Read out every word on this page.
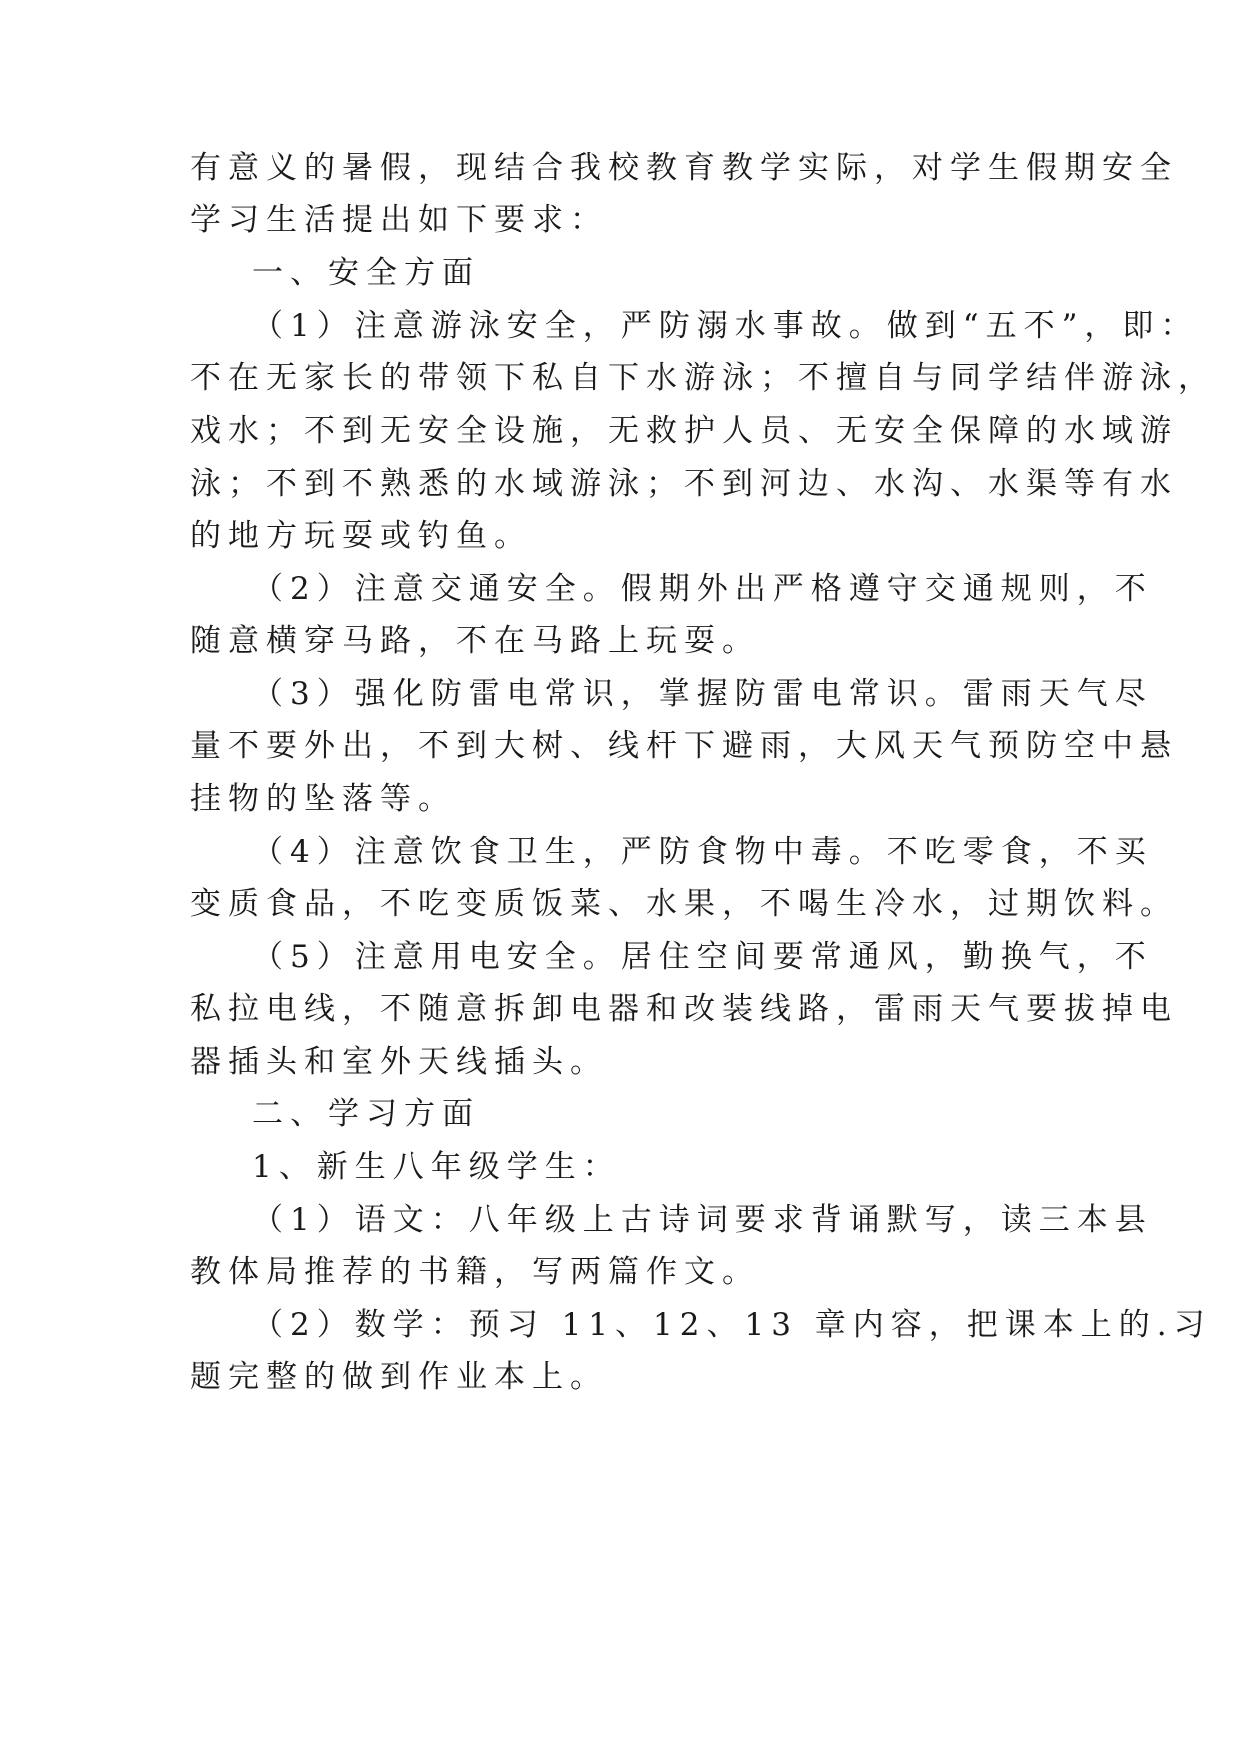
有意义的暑假，现结合我校教育教学实际，对学生假期安全
学习生活提出如下要求：
一、安全方面
（1）注意游泳安全，严防溺水事故。做到“五不”，即：
不在无家长的带领下私自下水游泳；不擅自与同学结伴游泳，
戏水；不到无安全设施，无救护人员、无安全保障的水域游
泳；不到不熟悉的水域游泳；不到河边、水沟、水渠等有水
的地方玩耍或钓鱼。
（2）注意交通安全。假期外出严格遵守交通规则，不
随意横穿马路，不在马路上玩耍。
（3）强化防雷电常识，掌握防雷电常识。雷雨天气尽
量不要外出，不到大树、线杆下避雨，大风天气预防空中悬
挂物的坠落等。
（4）注意饮食卫生，严防食物中毒。不吃零食，不买
变质食品，不吃变质饭菜、水果，不喝生冷水，过期饮料。
（5）注意用电安全。居住空间要常通风，勤换气，不
私拉电线，不随意拆卸电器和改装线路，雷雨天气要拔掉电
器插头和室外天线插头。
二、学习方面
1、新生八年级学生：
（1）语文：八年级上古诗词要求背诵默写，读三本县
教体局推荐的书籍，写两篇作文。
（2）数学：预习 11、12、13 章内容，把课本上的.习
题完整的做到作业本上。
